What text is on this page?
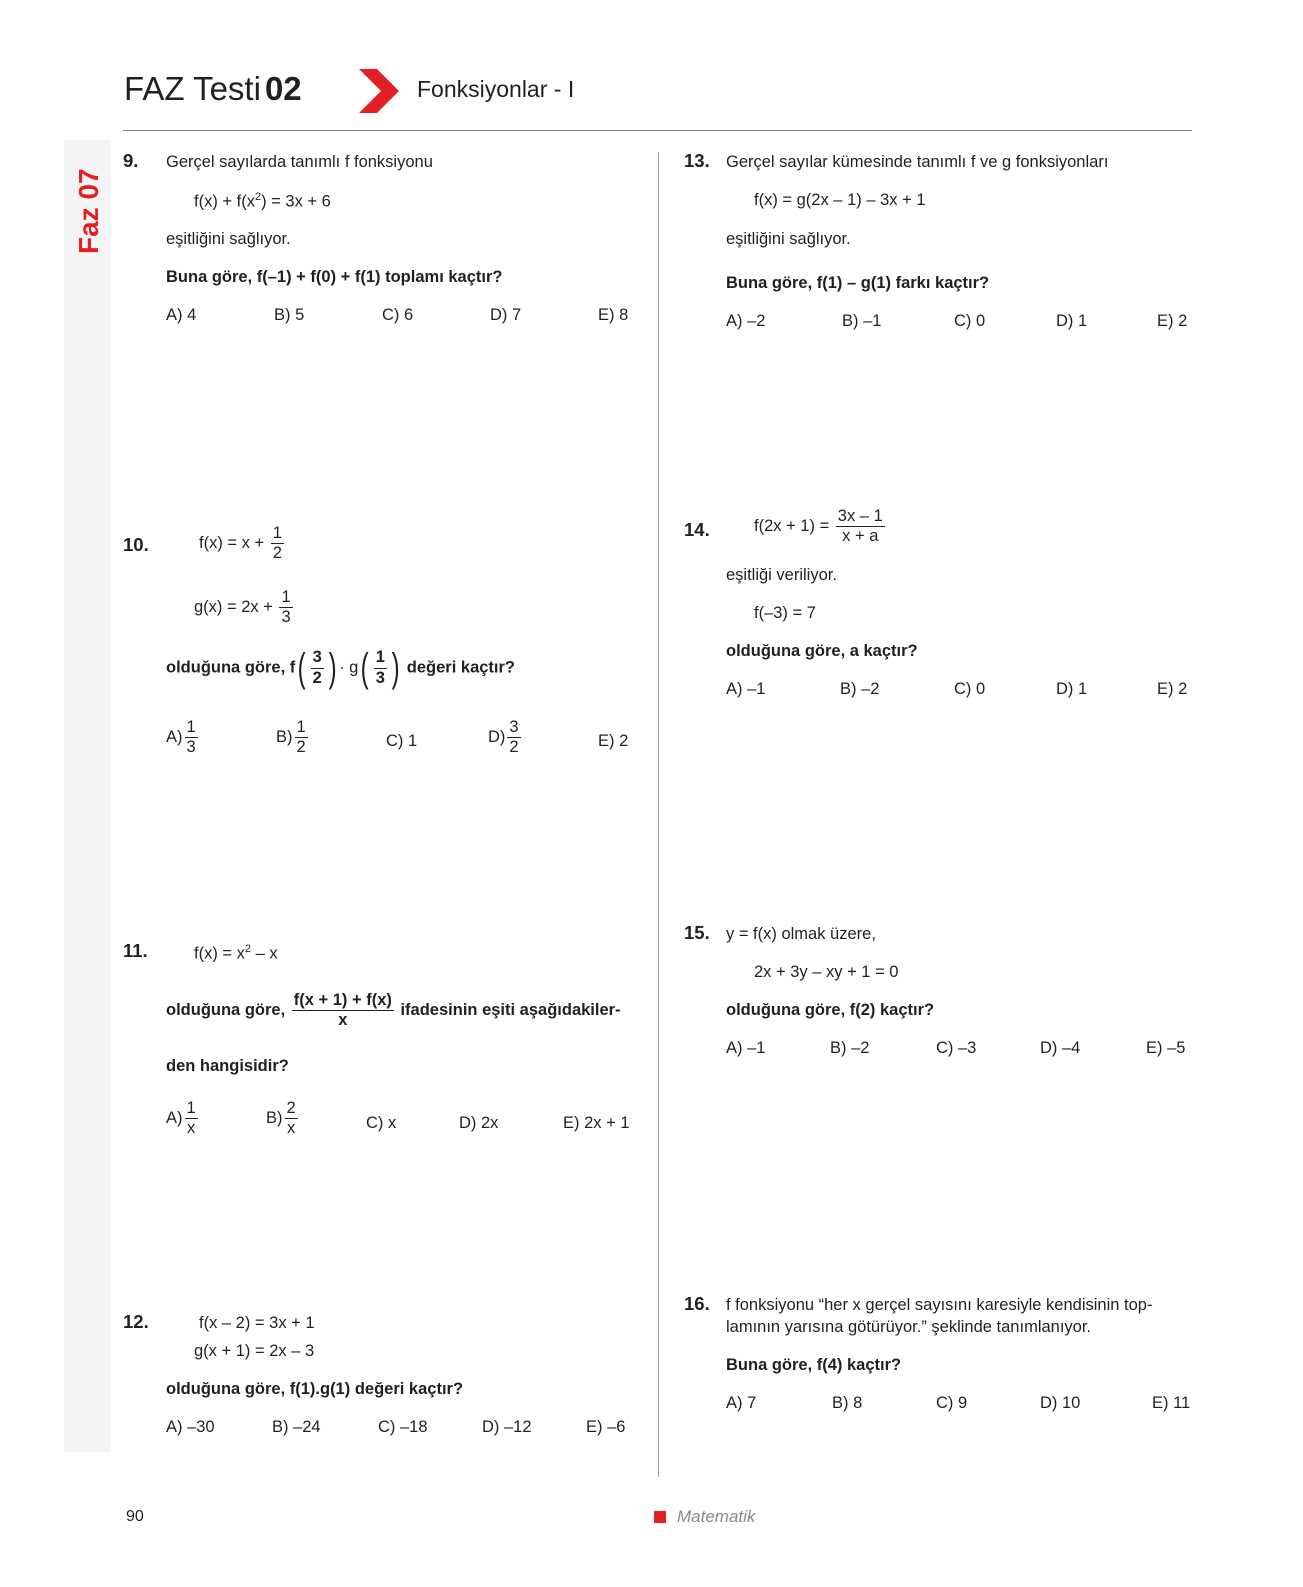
Faz 07
FAZ Testi 02	Fonksiyonlar - I
9. Gerçel sayılarda tanımlı f fonksiyonu
$f(x) + f(x^2) = 3x + 6$
eşitliğini sağlıyor.
Buna göre, f(–1) + f(0) + f(1) toplamı kaçtır?
A) 4	B) 5	C) 6	D) 7	E) 8
10.	$f(x) = x + \frac{1}{2}$
$g(x) = 2x + \frac{1}{3}$
olduğuna göre, f ( $\frac{3}{2}$ ) · g ( $\frac{1}{3}$ ) değeri kaçtır?
$A) \frac{1}{3}$	$B) \frac{1}{2}$	C) 1	$D) \frac{3}{2}$	E) 2
11.	$f(x) = x^2 - x$
olduğuna göre, $\frac{f(x + 1) + f(x)}{x}$ ifadesinin eşiti aşağıdakiler-
den hangisidir?
$A) \frac{1}{x}$	$B) \frac{2}{x}$	C) x	D) 2x	E) 2x + 1
12.	f(x – 2) = 3x + 1
g(x + 1) = 2x – 3
olduğuna göre, f(1).g(1) değeri kaçtır?
A) –30	B) –24	C) –18	D) –12	E) –6
13. Gerçel sayılar kümesinde tanımlı f ve g fonksiyonları
f(x) = g(2x – 1) – 3x + 1
eşitliğini sağlıyor.
Buna göre, f(1) – g(1) farkı kaçtır?
A) –2	B) –1	C) 0	D) 1	E) 2
14.	$f(2x + 1) = \frac{3x - 1}{x + a}$
eşitliği veriliyor.
f(–3) = 7
olduğuna göre, a kaçtır?
A) –1	B) –2	C) 0	D) 1	E) 2
15. y = f(x) olmak üzere,
2x + 3y – xy + 1 = 0
olduğuna göre, f(2) kaçtır?
A) –1	B) –2	C) –3	D) –4	E) –5
16. f fonksiyonu “her x gerçel sayısını karesiyle kendisinin top-
lamının yarısına götürüyor.” şeklinde tanımlanıyor.
Buna göre, f(4) kaçtır?
A) 7	B) 8	C) 9	D) 10	E) 11
90	Matematik
